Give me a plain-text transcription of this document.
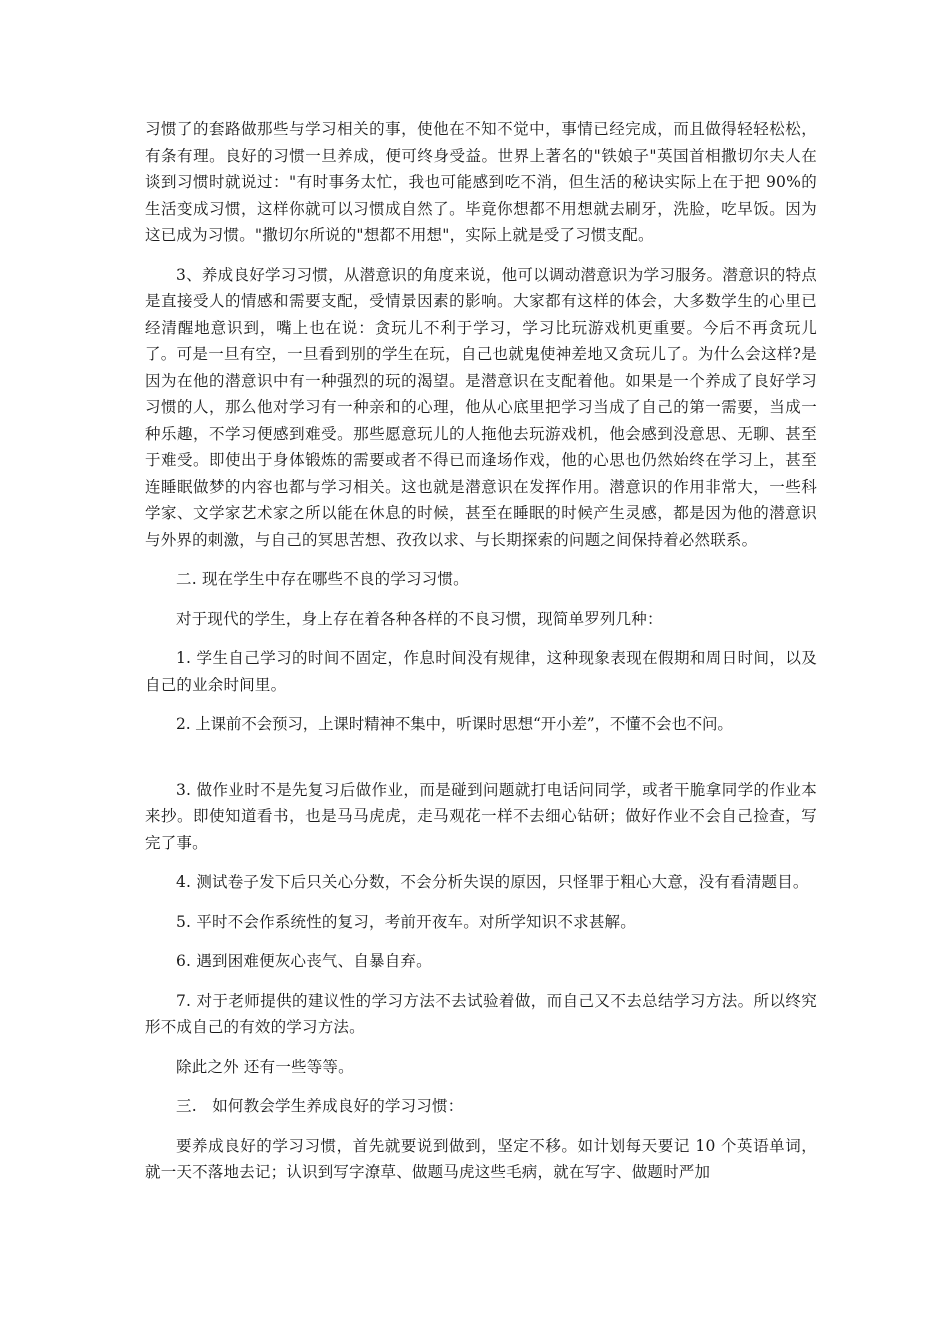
习惯了的套路做那些与学习相关的事，使他在不知不觉中，事情已经完成，而且做得轻轻松松，有条有理。良好的习惯一旦养成，便可终身受益。世界上著名的"铁娘子"英国首相撒切尔夫人在谈到习惯时就说过："有时事务太忙，我也可能感到吃不消，但生活的秘诀实际上在于把 90%的生活变成习惯，这样你就可以习惯成自然了。毕竟你想都不用想就去刷牙，洗脸，吃早饭。因为这已成为习惯。"撒切尔所说的"想都不用想"，实际上就是受了习惯支配。

3、养成良好学习习惯，从潜意识的角度来说，他可以调动潜意识为学习服务。潜意识的特点是直接受人的情感和需要支配，受情景因素的影响。大家都有这样的体会，大多数学生的心里已经清醒地意识到，嘴上也在说：贪玩儿不利于学习，学习比玩游戏机更重要。今后不再贪玩儿了。可是一旦有空，一旦看到别的学生在玩，自己也就鬼使神差地又贪玩儿了。为什么会这样?是因为在他的潜意识中有一种强烈的玩的渴望。是潜意识在支配着他。如果是一个养成了良好学习习惯的人，那么他对学习有一种亲和的心理，他从心底里把学习当成了自己的第一需要，当成一种乐趣，不学习便感到难受。那些愿意玩儿的人拖他去玩游戏机，他会感到没意思、无聊、甚至于难受。即使出于身体锻炼的需要或者不得已而逢场作戏，他的心思也仍然始终在学习上，甚至连睡眠做梦的内容也都与学习相关。这也就是潜意识在发挥作用。潜意识的作用非常大，一些科学家、文学家艺术家之所以能在休息的时候，甚至在睡眠的时候产生灵感，都是因为他的潜意识与外界的刺激，与自己的冥思苦想、孜孜以求、与长期探索的问题之间保持着必然联系。

二. 现在学生中存在哪些不良的学习习惯。

对于现代的学生，身上存在着各种各样的不良习惯，现简单罗列几种：

1. 学生自己学习的时间不固定，作息时间没有规律，这种现象表现在假期和周日时间，以及自己的业余时间里。

2. 上课前不会预习，上课时精神不集中，听课时思想“开小差”，不懂不会也不问。

3. 做作业时不是先复习后做作业，而是碰到问题就打电话问同学，或者干脆拿同学的作业本来抄。即使知道看书，也是马马虎虎，走马观花一样不去细心钻研；做好作业不会自己捡查，写完了事。

4. 测试卷子发下后只关心分数，不会分析失误的原因，只怪罪于粗心大意，没有看清题目。

5. 平时不会作系统性的复习，考前开夜车。对所学知识不求甚解。

6. 遇到困难便灰心丧气、自暴自弃。

7. 对于老师提供的建议性的学习方法不去试验着做，而自己又不去总结学习方法。所以终究形不成自己的有效的学习方法。

除此之外 还有一些等等。

三.   如何教会学生养成良好的学习习惯：

要养成良好的学习习惯，首先就要说到做到，坚定不移。如计划每天要记 10 个英语单词，就一天不落地去记；认识到写字潦草、做题马虎这些毛病，就在写字、做题时严加
